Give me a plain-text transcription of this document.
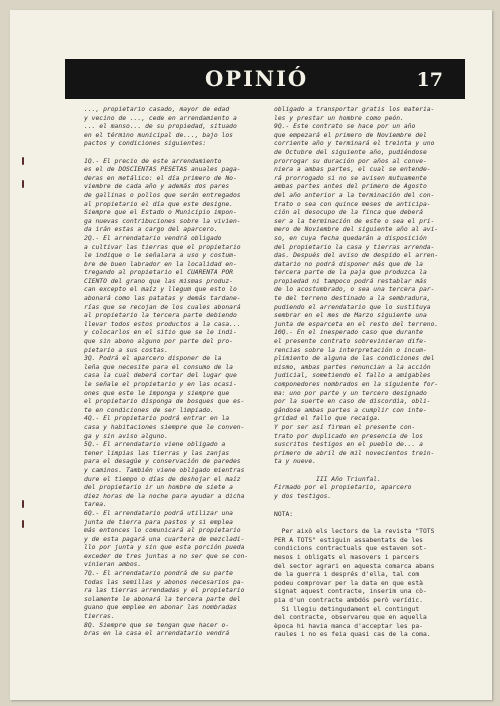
OPINIÓ	17
..., propietario casado, mayor de edad
y vecino de ..., cede en arrendamiento a
... el manso... de su propiedad, situado
en el término municipal de..., bajo los
pactos y condiciones siguientes:
1Q.- El precio de este arrendamiento
es el de DOSCIENTAS PESETAS anuales paga-
deras en metálico: el día primero de No-
viembre de cada año y además dos pares
de gallinas o pollos que serán entregados
al propietario el día que este designe.
Siempre que el Estado o Municipio impon-
ga nuevas contribuciones sobre la vivien-
da irán estas a cargo del aparcero.
2Q.- El arrendatario vendrá obligado
a cultivar las tierras que el propietario
le indique o le señalara a uso y costum-
bre de buen labrador en la localidad en-
tregando al propietario el CUARENTA POR
CIENTO del grano que las mismas produz-
can excepto el maíz y llegum que esto lo
abonará como las patatas y demás tardane-
rías que se recojan de los cuales abonará
al propietario la tercera parte debiendo
llevar todos estos productos a la casa...
y colocarlos en el sitio que se le indi-
que sin abono alguno por parte del pro-
pietario a sus costas.
3Q. Podrá el aparcero disponer de la
leña que necesite para el consumo de la
casa la cual deberá cortar del lugar que
le señale el propietario y en las ocasi-
ones que este le imponga y siempre que
el propietario disponga de bosques que es-
te en condiciones de ser limpiado.
4Q.- El propietario podrá entrar en la
casa y habitaciones siempre que le conven-
ga y sin aviso alguno.
5Q.- El arrendatario viene obligado a
tener limpias las tierras y las zanjas
para el desagüe y conservación de paredes
y caminos. También viene obligado mientras
dure el tiempo o días de deshojar el maíz
del propietario ir un hombre de siete a
diez horas de la noche para ayudar a dicha
tarea.
6Q.- El arrendatario podrá utilizar una
junta de tierra para pastos y si emplea
más entonces lo comunicará al propietario
y de esta pagará una cuartera de mezcladi-
llo por junta y sin que esta porción pueda
exceder de tres juntas a no ser que se con-
vinieran ambos.
7Q.- El arrendatario pondrá de su parte
todas las semillas y abonos necesarios pa-
ra las tierras arrendadas y el propietario
solamente le abonará la tercera parte del
guano que emplee en abonar las nombradas
tierras.
8Q. Siempre que se tengan que hacer o-
bras en la casa el arrendatario vendrá
obligado a transportar gratis los materia-
les y prestar un hombre como peón.
9Q.- Este contrato se hace por un año
que empezará el primero de Noviembre del
corriente año y terminará el treinta y uno
de Octubre del siguiente año, pudiéndose
prorrogar su duración por años al conve-
niera a ambas partes, el cual se entende-
rá prorrogado si no se avisen mutuamente
ambas partes antes del primero de Agosto
del año anterior a la terminación del con-
trato o sea con quince meses de anticipa-
ción al desocupo de la finca que deberá
ser a la terminación de este o sea el pri-
mero de Noviembre del siguiente año al avi-
so, en cuya fecha quedarán a disposición
del propietario la casa y tierras arrenda-
das. Después del aviso de despido el arren-
datario no podrá disponer más que de la
tercera parte de la paja que produzca la
propiedad ni tampoco podrá restablar más
de lo acostumbrado, o sea una tercera par-
te del terreno destinado a la sembradura,
pudiendo el arrendatario que lo sustituya
sembrar en el mes de Marzo siguiente una
junta de esparceta en el resto del terreno.
10Q.- En el inesperado caso que durante
el presente contrato sobrevinieran dife-
rencias sobre la interpretación o incum-
plimiento de alguna de las condiciones del
mismo, ambas partes renuncian a la acción
judicial, sometiendo el fallo a amigables
componedores nombrados en la siguiente for-
ma: uno por parte y un tercero designado
por la suerte en caso de discordia, obli-
gándose ambas partes a cumplir con inte-
gridad el fallo que recaiga.
Y por ser así firman el presente con-
trato por duplicado en presencia de los
suscritos testigos en el pueblo de... a
primero de abril de mil novecientos trein-
ta y nueve.
III Año Triunfal.
Firmado por el propietario, aparcero
y dos testigos.
NOTA:
Per això els lectors de la revista "TOTS
PER A TOTS" estiguin assabentats de les
condicions contractuals que estaven sot-
mesos i obligats el masovers i parcers
del sector agrari en aquesta comarca abans
de la guerra i després d'ella, tal com
podeu comprovar per la data en que està
signat aquest contracte, inserim una cò-
pia d'un contracte ambdós però verídic.
Si llegiu detingudament el contingut
del contracte, observareu que en aquella
època hi havia manca d'acceptar les pa-
raules i no es feia quasi cas de la coma.
